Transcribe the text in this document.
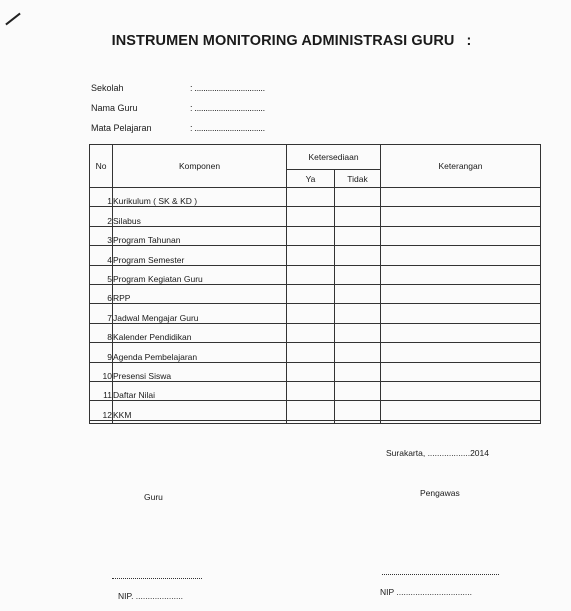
INSTRUMEN MONITORING ADMINISTRASI GURU :
Sekolah	: ................................
Nama Guru	: ................................
Mata Pelajaran	: ................................
No	Komponen	Ketersediaan		Keterangan
		Ya	Tidak	
1	Kurikulum ( SK & KD )			
2	Silabus			
3	Program Tahunan			
4	Program Semester			
5	Program Kegiatan Guru			
6	RPP			
7	Jadwal Mengajar Guru			
8	Kalender Pendidikan			
9	Agenda Pembelajaran			
10	Presensi Siswa			
11	Daftar Nilai			
12	KKM			

Surakarta, ..................2014
Guru	Pengawas
NIP. ....................	NIP ................................
